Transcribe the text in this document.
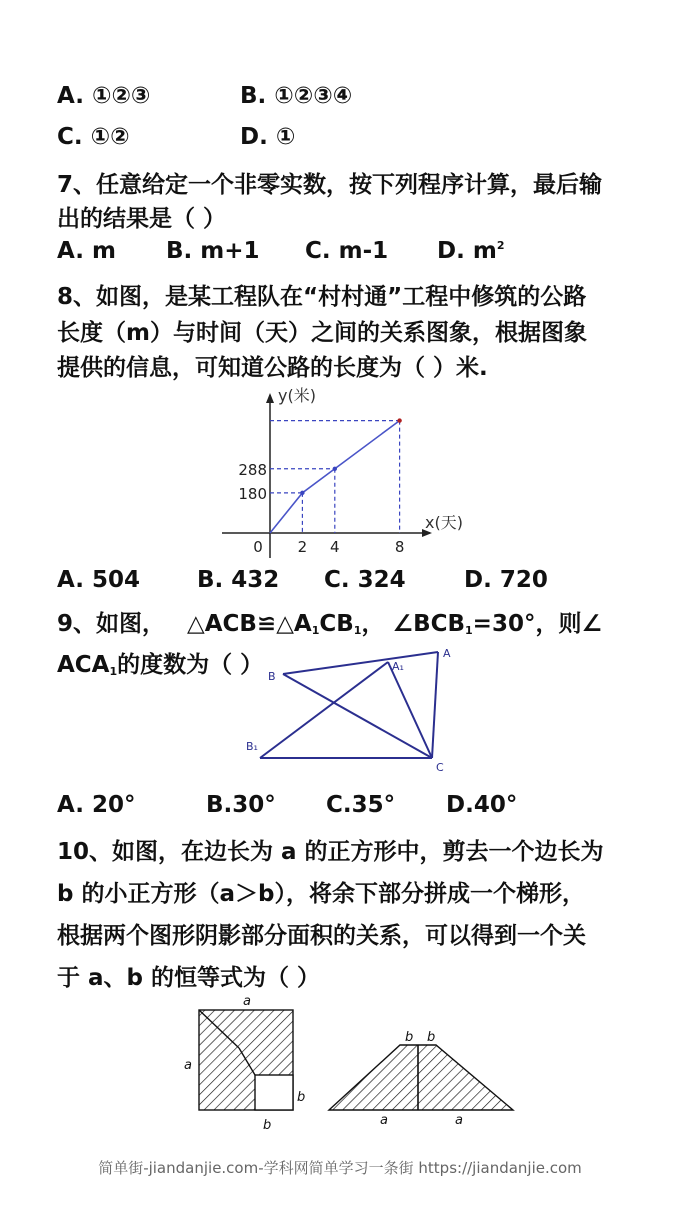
A. ①②③	B. ①②③④
C. ①②	D. ①
7、任意给定一个非零实数，按下列程序计算，最后输
出的结果是（ ）
A. m B. m+1 C. m-1 D. $m^2$
8、如图，是某工程队在“村村通”工程中修筑的公路
长度（m）与时间（天）之间的关系图象，根据图象
提供的信息，可知道公路的长度为（ ）米.
y(米)
x(天)
180
288
0 2 4	8
A. 504 B. 432 C. 324	D. 720
9、如图， $\triangle ACB≌\triangle A_1CB_1$， $\angle BCB_1=30^\circ$，则∠
$ACA_1$的度数为（ ）	A
A₁
B
B₁
C
A. 20°	B.30° C.35° D.40°
10、如图，在边长为 a 的正方形中，剪去一个边长为
b 的小正方形（a＞b），将余下部分拼成一个梯形，
根据两个图形阴影部分面积的关系，可以得到一个关
于 a、b 的恒等式为（ ）
a
a
b
b
b b
a	a
简单街-jiandanjie.com-学科网简单学习一条街 https://jiandanjie.com
